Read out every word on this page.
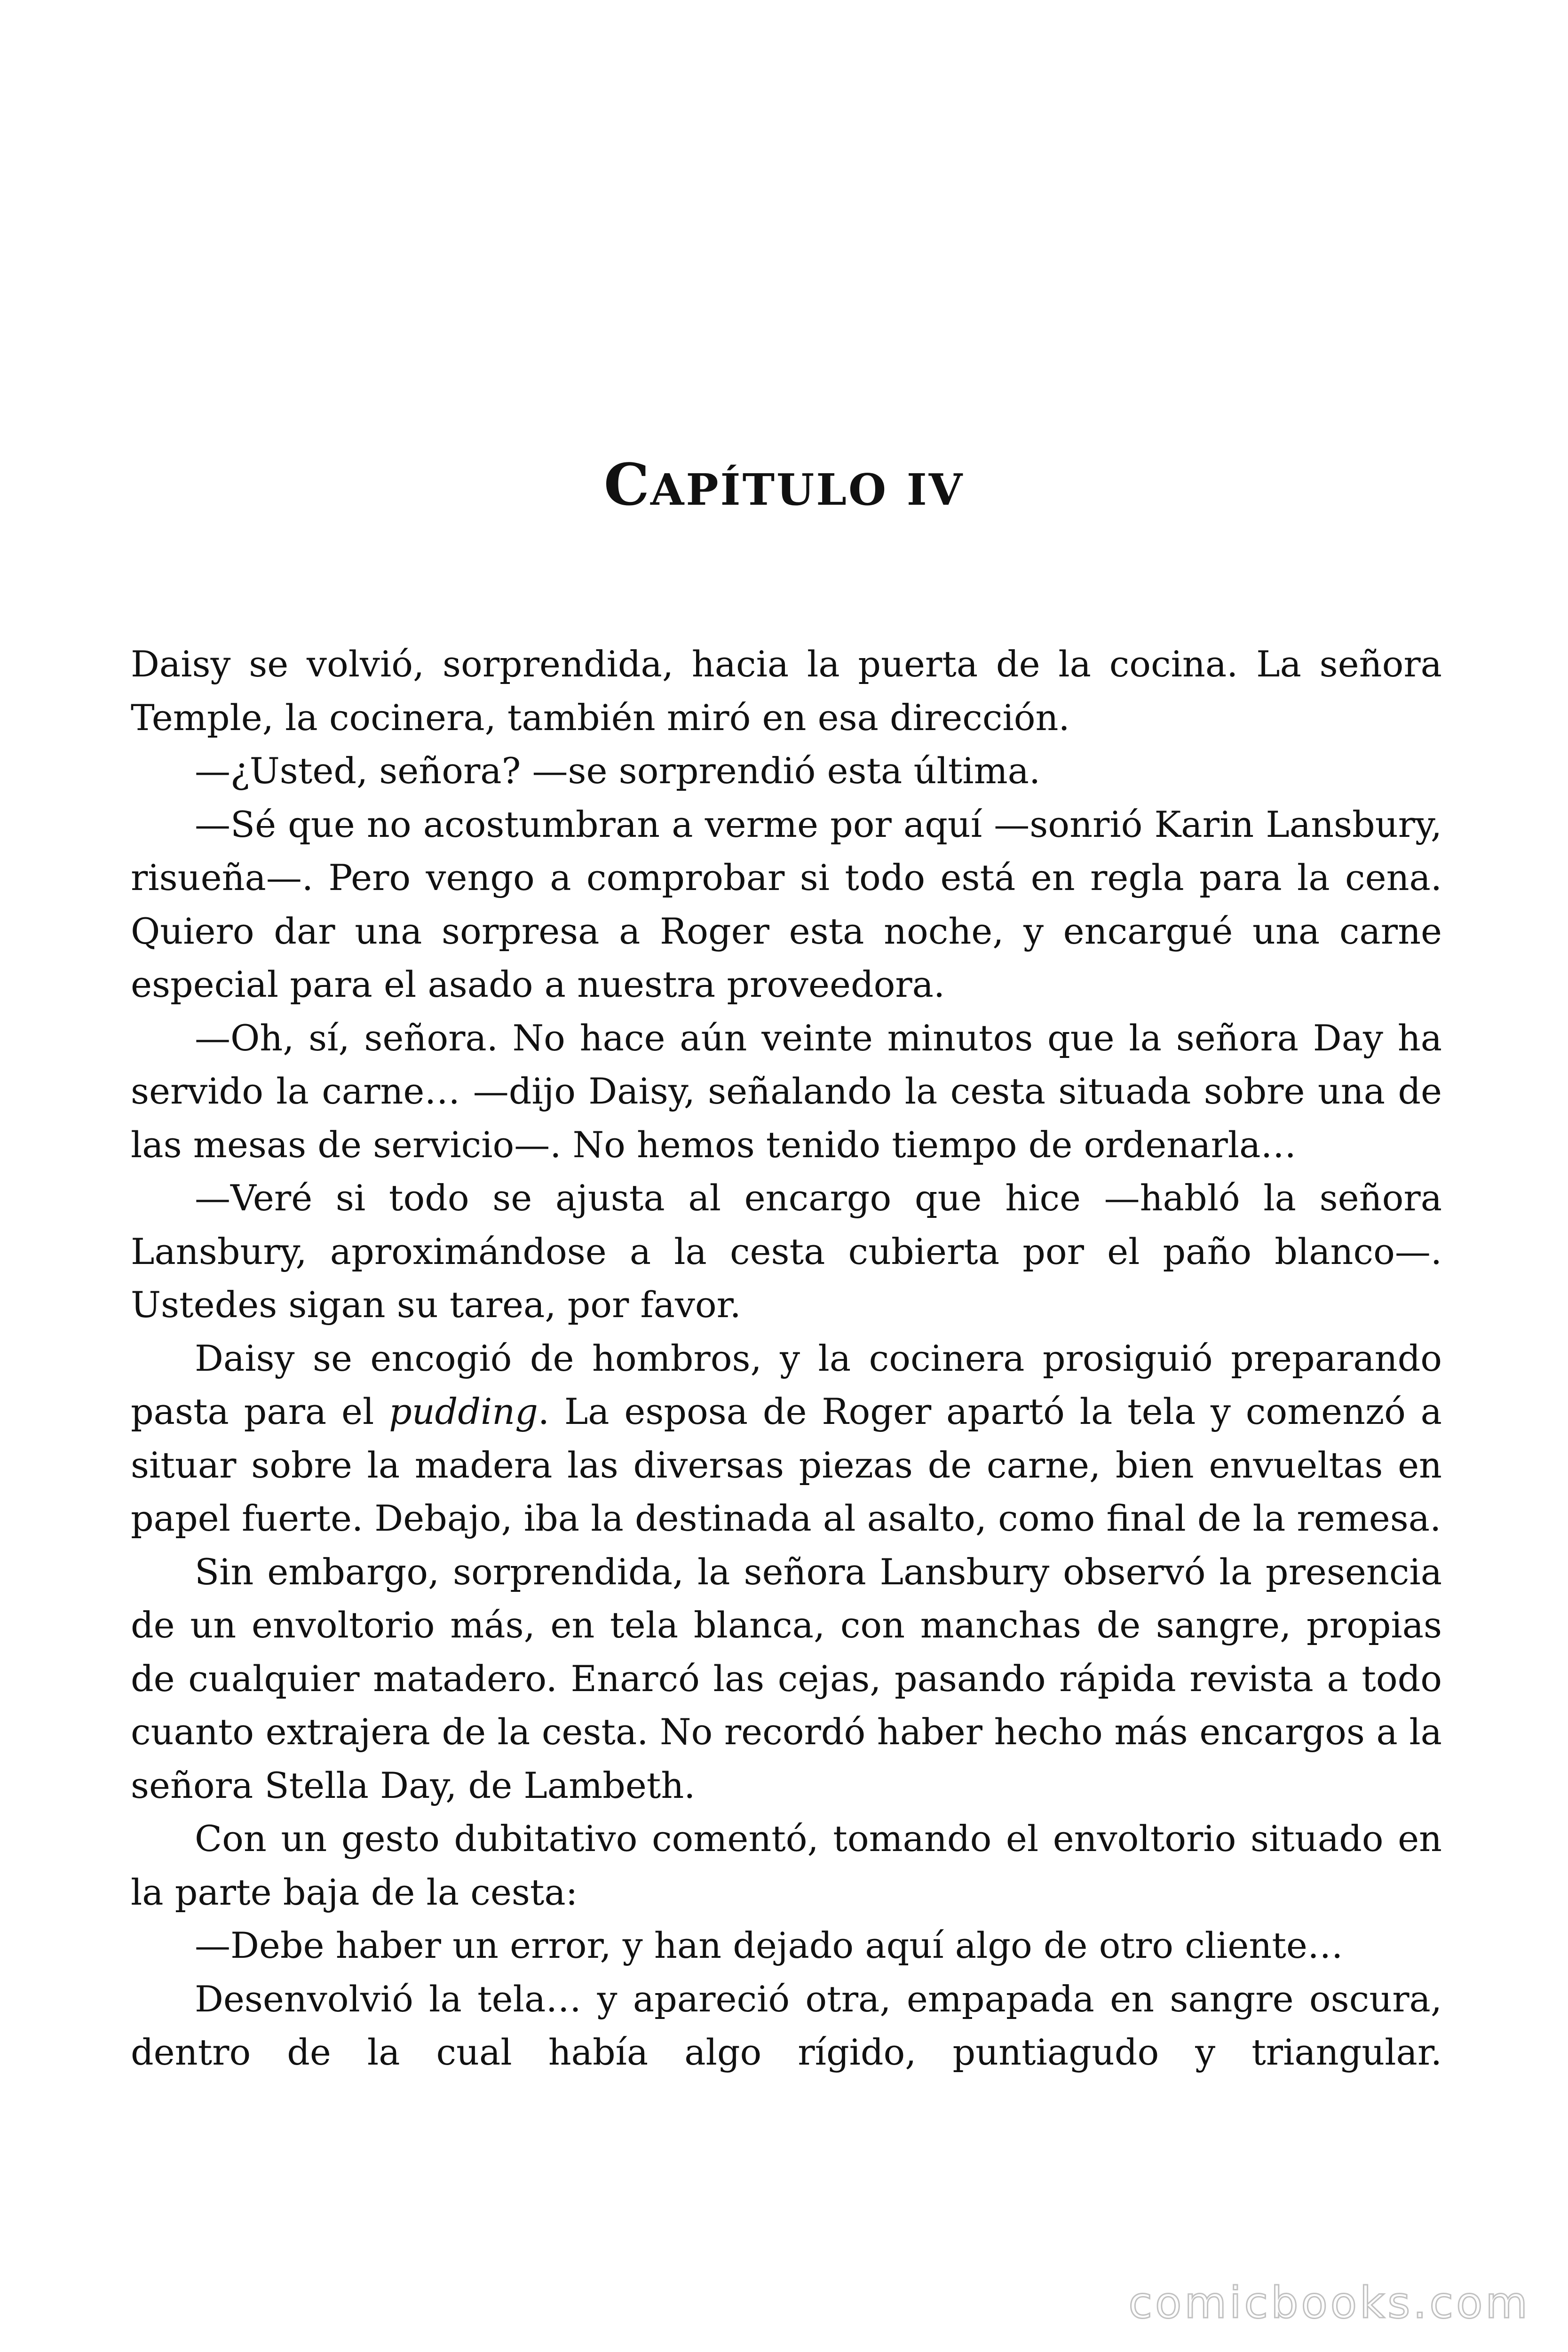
CAPÍTULO IV

Daisy se volvió, sorprendida, hacia la puerta de la cocina. La señora Temple, la cocinera, también miró en esa dirección.

—¿Usted, señora? —se sorprendió esta última.

—Sé que no acostumbran a verme por aquí —sonrió Karin Lansbury, risueña—. Pero vengo a comprobar si todo está en regla para la cena. Quiero dar una sorpresa a Roger esta noche, y encargué una carne especial para el asado a nuestra proveedora.

—Oh, sí, señora. No hace aún veinte minutos que la señora Day ha servido la carne… —dijo Daisy, señalando la cesta situada sobre una de las mesas de servicio—. No hemos tenido tiempo de ordenarla…

—Veré si todo se ajusta al encargo que hice —habló la señora Lansbury, aproximándose a la cesta cubierta por el paño blanco—. Ustedes sigan su tarea, por favor.

Daisy se encogió de hombros, y la cocinera prosiguió preparando pasta para el pudding. La esposa de Roger apartó la tela y comenzó a situar sobre la madera las diversas piezas de carne, bien envueltas en papel fuerte. Debajo, iba la destinada al asalto, como final de la remesa.

Sin embargo, sorprendida, la señora Lansbury observó la presencia de un envoltorio más, en tela blanca, con manchas de sangre, propias de cualquier matadero. Enarcó las cejas, pasando rápida revista a todo cuanto extrajera de la cesta. No recordó haber hecho más encargos a la señora Stella Day, de Lambeth.

Con un gesto dubitativo comentó, tomando el envoltorio situado en la parte baja de la cesta:

—Debe haber un error, y han dejado aquí algo de otro cliente…

Desenvolvió la tela… y apareció otra, empapada en sangre oscura, dentro de la cual había algo rígido, puntiagudo y triangular.

comicbooks.com
